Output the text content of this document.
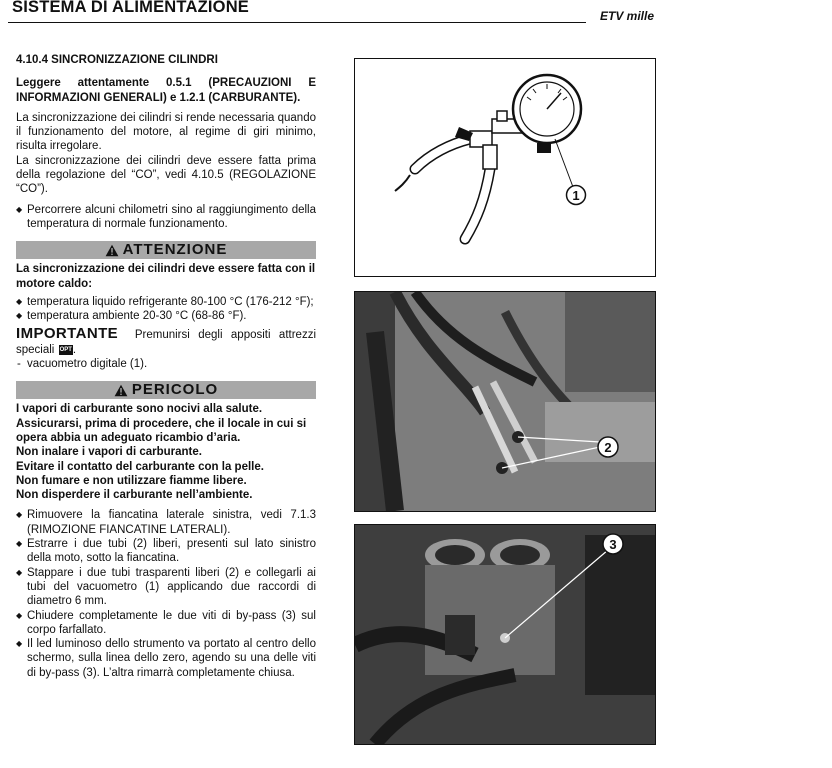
SISTEMA DI ALIMENTAZIONE	ETV mille

4.10.4 SINCRONIZZAZIONE CILINDRI

Leggere attentamente 0.5.1 (PRECAUZIONI E INFORMAZIONI GENERALI) e 1.2.1 (CARBURANTE).

La sincronizzazione dei cilindri si rende necessaria quando il funzionamento del motore, al regime di giri minimo, risulta irregolare.

La sincronizzazione dei cilindri deve essere fatta prima della regolazione del “CO”, vedi 4.10.5 (REGOLAZIONE “CO”).

◆ Percorrere alcuni chilometri sino al raggiungimento della temperatura di normale funzionamento.

ATTENZIONE

La sincronizzazione dei cilindri deve essere fatta con il motore caldo:

◆ temperatura liquido refrigerante 80-100 °C (176-212 °F);

◆ temperatura ambiente 20-30 °C (68-86 °F).

IMPORTANTE Premunirsi degli appositi attrezzi speciali OPT.

- vacuometro digitale (1).

PERICOLO

I vapori di carburante sono nocivi alla salute.

Assicurarsi, prima di procedere, che il locale in cui si opera abbia un adeguato ricambio d’aria.

Non inalare i vapori di carburante.

Evitare il contatto del carburante con la pelle.

Non fumare e non utilizzare fiamme libere.

Non disperdere il carburante nell’ambiente.

◆ Rimuovere la fiancatina laterale sinistra, vedi 7.1.3 (RIMOZIONE FIANCATINE LATERALI).

◆ Estrarre i due tubi (2) liberi, presenti sul lato sinistro della moto, sotto la fiancatina.

◆ Stappare i due tubi trasparenti liberi (2) e collegarli ai tubi del vacuometro (1) applicando due raccordi di diametro 6 mm.

◆ Chiudere completamente le due viti di by-pass (3) sul corpo farfallato.

◆ Il led luminoso dello strumento va portato al centro dello schermo, sulla linea dello zero, agendo su una delle viti di by-pass (3). L’altra rimarrà completamente chiusa.

1
2
3
